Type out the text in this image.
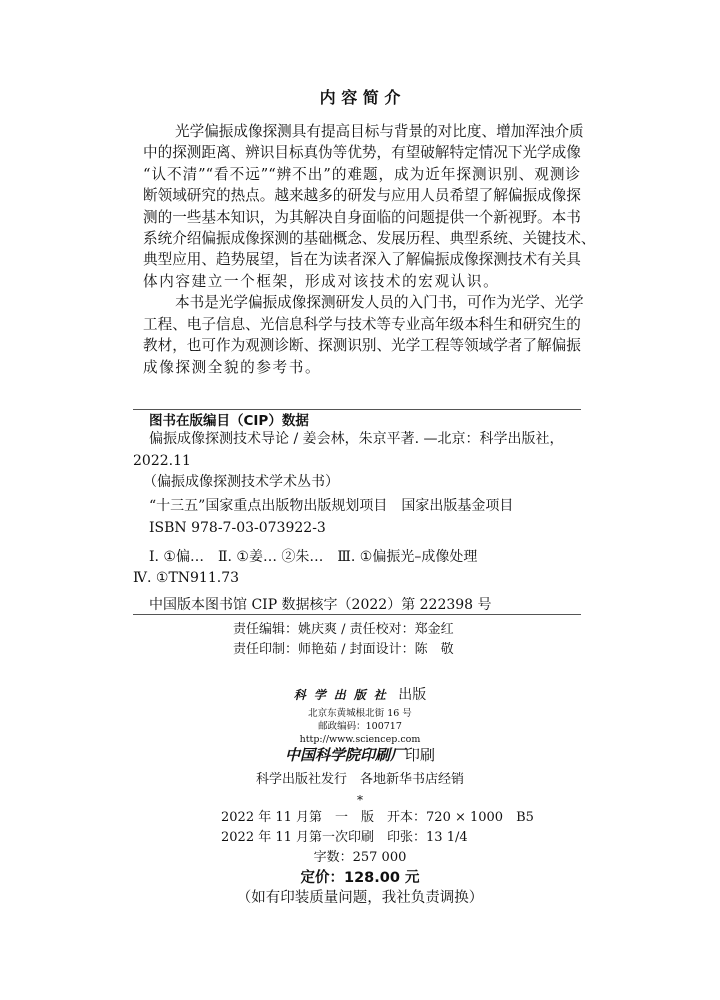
内 容 简 介
光学偏振成像探测具有提高目标与背景的对比度、增加浑浊介质
中的探测距离、辨识目标真伪等优势，有望破解特定情况下光学成像
“认不清”“看不远”“辨不出”的难题，成为近年探测识别、观测诊
断领域研究的热点。越来越多的研发与应用人员希望了解偏振成像探
测的一些基本知识，为其解决自身面临的问题提供一个新视野。本书
系统介绍偏振成像探测的基础概念、发展历程、典型系统、关键技术、
典型应用、趋势展望，旨在为读者深入了解偏振成像探测技术有关具
体内容建立一个框架，形成对该技术的宏观认识。
本书是光学偏振成像探测研发人员的入门书，可作为光学、光学
工程、电子信息、光信息科学与技术等专业高年级本科生和研究生的
教材，也可作为观测诊断、探测识别、光学工程等领域学者了解偏振
成像探测全貌的参考书。
图书在版编目（CIP）数据
偏振成像探测技术导论 / 姜会林，朱京平著. —北京：科学出版社，
2022.11
（偏振成像探测技术学术丛书）
“十三五”国家重点出版物出版规划项目　国家出版基金项目
ISBN 978-7-03-073922-3
Ⅰ. ①偏…　Ⅱ. ①姜… ②朱…　Ⅲ. ①偏振光–成像处理
Ⅳ. ①TN911.73
中国版本图书馆 CIP 数据核字（2022）第 222398 号
责任编辑：姚庆爽 / 责任校对：郑金红
责任印制：师艳茹 / 封面设计：陈　敬
科学出版社 出版
北京东黄城根北街 16 号
邮政编码：100717
http://www.sciencep.com
中国科学院印刷厂印刷
科学出版社发行　各地新华书店经销
*
2022 年 11 月第　一　版　开本：720 × 1000　B5
2022 年 11 月第一次印刷　印张：13 1/4
字数：257 000
定价：128.00 元
（如有印装质量问题，我社负责调换）
